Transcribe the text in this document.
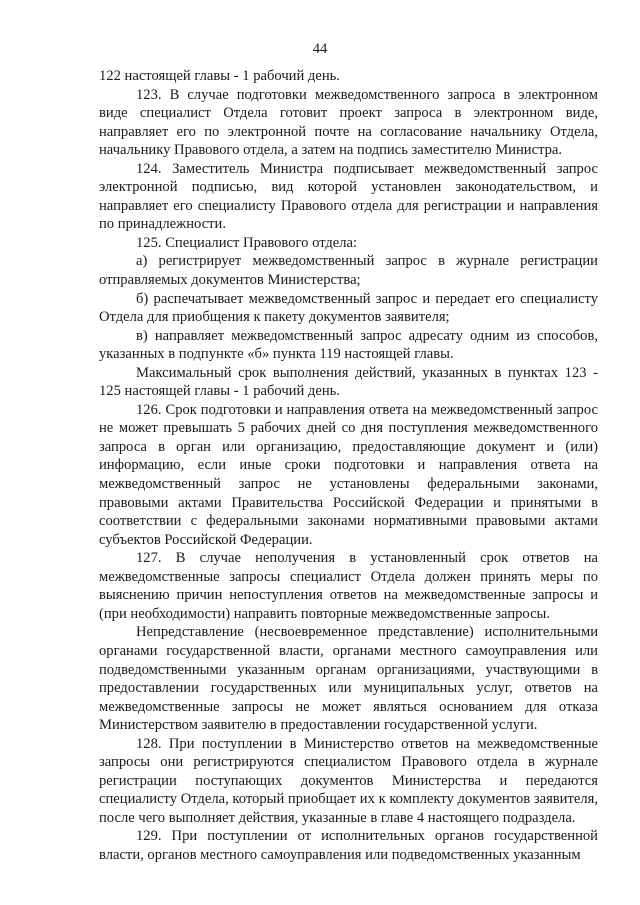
44

122 настоящей главы - 1 рабочий день.

123. В случае подготовки межведомственного запроса в электронном виде специалист Отдела готовит проект запроса в электронном виде, направляет его по электронной почте на согласование начальнику Отдела, начальнику Правового отдела, а затем на подпись заместителю Министра.

124. Заместитель Министра подписывает межведомственный запрос электронной подписью, вид которой установлен законодательством, и направляет его специалисту Правового отдела для регистрации и направления по принадлежности.

125. Специалист Правового отдела:

а) регистрирует межведомственный запрос в журнале регистрации отправляемых документов Министерства;

б) распечатывает межведомственный запрос и передает его специалисту Отдела для приобщения к пакету документов заявителя;

в) направляет межведомственный запрос адресату одним из способов, указанных в подпункте «б» пункта 119 настоящей главы.

Максимальный срок выполнения действий, указанных в пунктах 123 - 125 настоящей главы - 1 рабочий день.

126. Срок подготовки и направления ответа на межведомственный запрос не может превышать 5 рабочих дней со дня поступления межведомственного запроса в орган или организацию, предоставляющие документ и (или) информацию, если иные сроки подготовки и направления ответа на межведомственный запрос не установлены федеральными законами, правовыми актами Правительства Российской Федерации и принятыми в соответствии с федеральными законами нормативными правовыми актами субъектов Российской Федерации.

127. В случае неполучения в установленный срок ответов на межведомственные запросы специалист Отдела должен принять меры по выяснению причин непоступления ответов на межведомственные запросы и (при необходимости) направить повторные межведомственные запросы.

Непредставление (несвоевременное представление) исполнительными органами государственной власти, органами местного самоуправления или подведомственными указанным органам организациями, участвующими в предоставлении государственных или муниципальных услуг, ответов на межведомственные запросы не может являться основанием для отказа Министерством заявителю в предоставлении государственной услуги.

128. При поступлении в Министерство ответов на межведомственные запросы они регистрируются специалистом Правового отдела в журнале регистрации поступающих документов Министерства и передаются специалисту Отдела, который приобщает их к комплекту документов заявителя, после чего выполняет действия, указанные в главе 4 настоящего подраздела.

129. При поступлении от исполнительных органов государственной власти, органов местного самоуправления или подведомственных указанным
